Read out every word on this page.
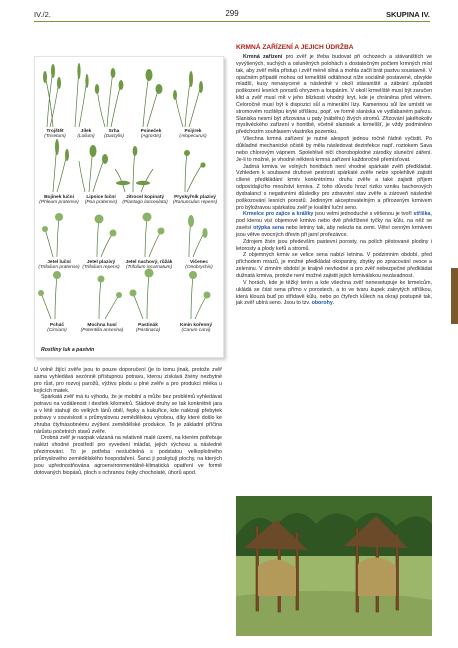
IV./2.	299	SKUPINA IV.
Trojštět
(Trisetum)
Jílek
(Lolium)
Srha
(Dactylis)
Psineček
(Agrostis)
Psiýrek
(Alopecurus)
Bojínek luční
(Phleum pratense)
Lipnice luční
(Poa pratensis)
Jitrocel kopinatý
(Plantago lanceolata)
Pryskyřník plazivý
(Ranunculus repens)
Jetel luční
(Trifolium pratense)
Jetel plazivý
(Trifolium repens)
Jetel nachový, růžák
(Trifolium incarnatum)
Vičenec
(Onobrychis)
Pcháč
(Cirsium)
Mochna husí
(Potentilla anserina)
Pastinák
(Pastinaca)
Kmín kořenný
(Carum carvi)
Rostliny luk a pastvin

U volně žijící zvěře jsou to pouze doporučení (je to tomu jinak, protože zvěř sama vyhledává sezónně přístupnou potravu, kterou získává živiny nezbytné pro růst, pro rozvoj parožů, výživu plodu u plné zvěře a pro produkci mléka u kojících matek.

Spárkatá zvěř má tu výhodu, že je mobilní a může bez problémů vyhledávat potravu na vzdálenost i desítek kilometrů. Stádové druhy se tak konkrétně jara a v létě stahují do velkých lánů obilí, řepky a kukuřice, kde nalézají přebytek potravy v souvislosti s průmyslovou zemědělskou výrobou, díky které došlo ke zhruba čtyřnásobnému zvýšení zemědělské produkce. To je základní příčina nárůstu početních stavů zvěře.

Drobná zvěř je naopak vázaná na relativně malé území, na kterém potřebuje nalézt vhodné prostředí pro vyvedení mláďat, jejich výchovu a následné přezimování. To je potřeba neslučitelná s podstatou velkoplošného průmyslového zemědělského hospodaření. Šanci ji poskytují plochy, na kterých jsou upřednostňována agroenvironmentálně-klimatická opatření ve formě dotovaných biopásů, ploch s ochranou čejky chocholaté, úhorů apod.

KRMNÁ ZAŘÍZENÍ A JEJICH ÚDRŽBA

Krmná zařízení pro zvěř je třeba budovat při ochozech a stávaništích ve vyvýšených, suchých a osluněných polohách s dostatečným počtem krmných míst tak, aby zvěř měla přístup i zvěř méně silná a mohla začít brát pastvu soustavně. V opačném případě mohou od krmelíště odtáhnout níže sociálně postavené, obvykle mladší, kusy nenasycené a následně v okolí stávaniště a zábrání způsobit poškození lesních porostů ohryzem a loupáním. V okolí krmelíště musí být zaručen klid a zvěř musí mít v jeho blízkosti vhodný kryt, kde je chráněna před větrem. Celoročně musí být k dispozici sůl a minerální lízy. Kamennou sůl lze umístit ve stromovém rozštěpu kryté stříškou, popř. ve formě slaniska ve vydlabaném pařezu. Slaniska nesmí být zřizována u paty (náběhu) živých stromů. Zřizování jakéhokoliv myslivéckého zařízení v honitbě, včetně slanisek a krmelíšť, je vždy podmíněno předchozím souhlasem vlastníka pozemku.

Všechna krmná zařízení je nutné alespoň jednou ročně řádně vyčistit. Po důkladné mechanické očistě by měla následovat dezinfekce např. roztokem Sava nebo chlorovým vápnem. Spolehlivě ničí choroboplodné zárodky sluneční záření. Je-li to možné, je vhodné některá krmná zařízení každoročně přemísťovat.

Jadrná krmiva ve volných honitbách není vhodné spárkaté zvěři předkládat. Vzhledem k soubavné druhové pestrosti spárkaté zvěře nelze spolehlivě zajistit cílené předkládání krmiv konkrétnímu druhu zvěře a také zajistit příjem odpovídajícího množství krmiva. Z toho důvodu hrozí riziko vzniku bachorových dysbalancí s negativními důsledky pro zdravotní stav zvěře a zároveň následné poškozování lesních porostů. Jedinným akceptovatelným a přirozeným krmivem pro býložravou spárkatou zvěř je kvalitní luční seno.

Krmelce pro zajíce a králíky jsou velmi jednoduché s věšenou je tvoří stříška, pod kterou visí objemové krmivo nebo dvě překřížené tyčky na kůlu, na něž se zavěsí otýpka sena nebo letniny tak, aby nelezla na zemi. Větví cenným krmivem jsou větve ovocných dřevin při jarní prořezávce.

Zdrojem živin jsou především pastevní porosty, na polích pěstované plodiny i letorosty a plody keřů a stromů.

Z objemných krmiv se velice sena nabízí letnina. V podzimním období, před příchodem mrazů, je možné předkládat okopaniny, zbytky po zpracování ovoce a zeleninu. V zimním období je kraijně nevhodné a pro zvěř nebezpečné předkládat dužnatá krmiva, protože není možné zajistit jejich krmiválskou nezávadnost.

V horách, kde je těžký terén a kde všechna zvěř nenesetupuje ke krmelcům, ukládá se část sena přímo v porostech, a to ve tvaru kupek zakrytých stříškou, která klouzá buď po střídavě kůlu, nebo po čtyřech kůlech na okraji postupně tak, jak zvěř ubírá seno. Jsou to tzv. oborohy.
